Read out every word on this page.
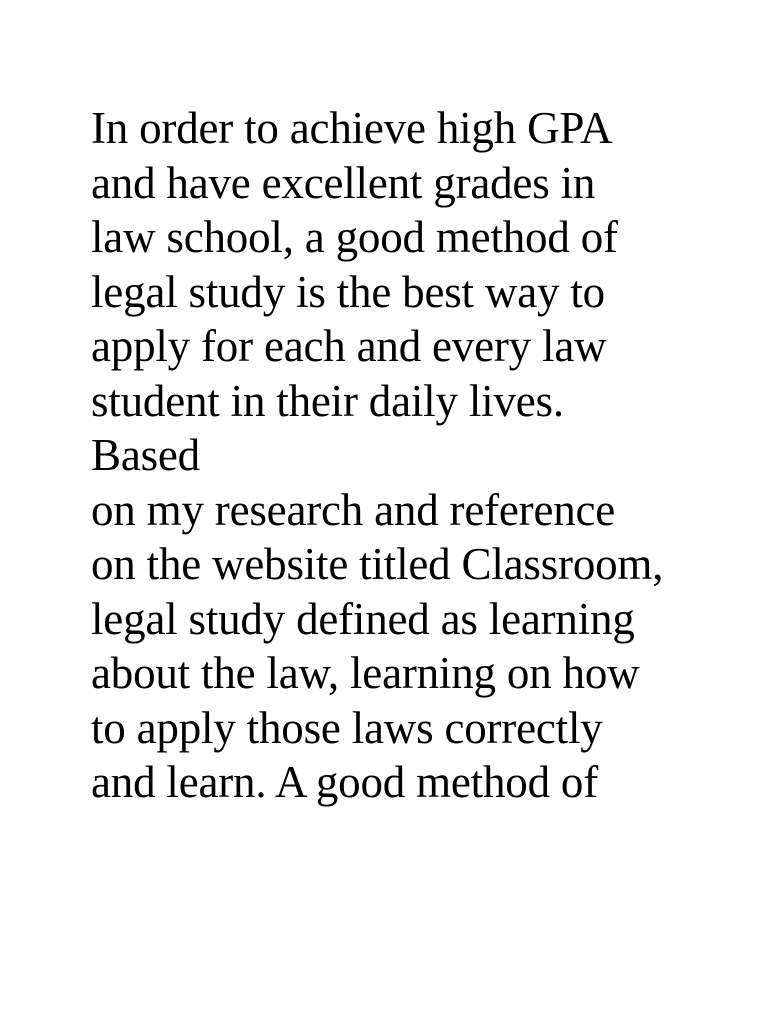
In order to achieve high GPA
and have excellent grades in
law school, a good method of
legal study is the best way to
apply for each and every law
student in their daily lives.
Based
on my research and reference
on the website titled Classroom,
legal study defined as learning
about the law, learning on how
to apply those laws correctly
and learn. A good method of
